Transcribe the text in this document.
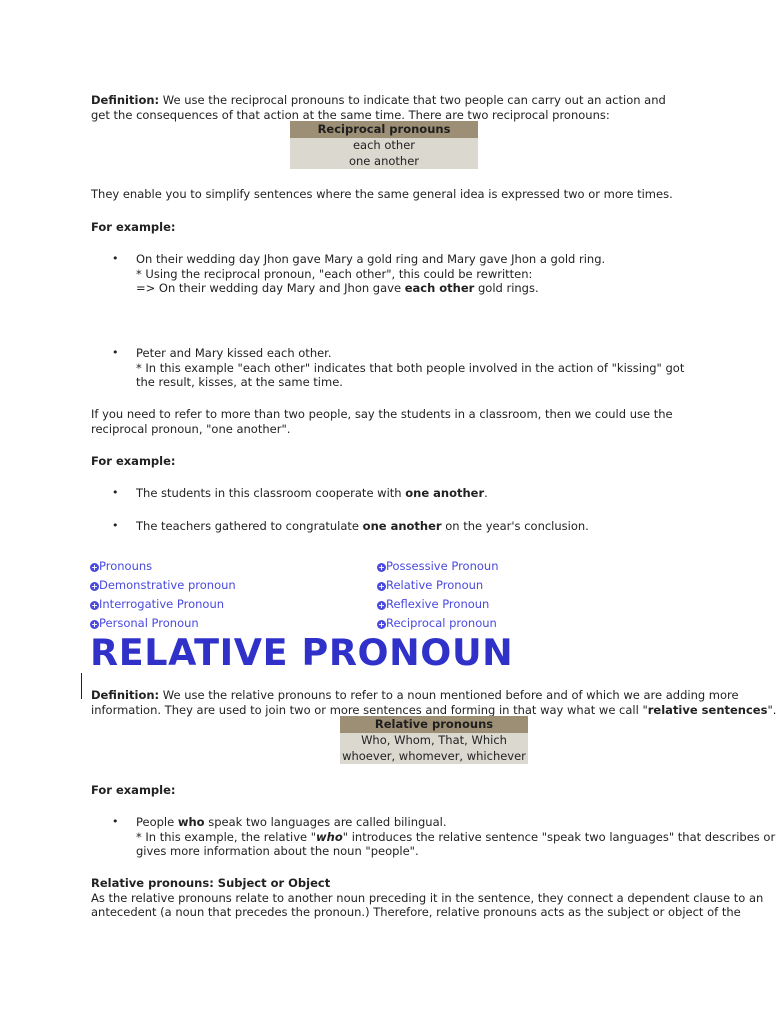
Definition: We use the reciprocal pronouns to indicate that two people can carry out an action and
get the consequences of that action at the same time. There are two reciprocal pronouns:
Reciprocal pronouns
each other
one another
They enable you to simplify sentences where the same general idea is expressed two or more times.
For example:
• On their wedding day Jhon gave Mary a gold ring and Mary gave Jhon a gold ring.
* Using the reciprocal pronoun, "each other", this could be rewritten:
=> On their wedding day Mary and Jhon gave each other gold rings.
• Peter and Mary kissed each other.
* In this example "each other" indicates that both people involved in the action of "kissing" got
the result, kisses, at the same time.
If you need to refer to more than two people, say the students in a classroom, then we could use the
reciprocal pronoun, "one another".
For example:
• The students in this classroom cooperate with one another.
• The teachers gathered to congratulate one another on the year's conclusion.
+Pronouns
+Demonstrative pronoun
+Interrogative Pronoun
+Personal Pronoun
+Possessive Pronoun
+Relative Pronoun
+Reflexive Pronoun
+Reciprocal pronoun
RELATIVE PRONOUN
Definition: We use the relative pronouns to refer to a noun mentioned before and of which we are adding more
information. They are used to join two or more sentences and forming in that way what we call "relative sentences".
Relative pronouns
Who, Whom, That, Which
whoever, whomever, whichever
For example:
• People who speak two languages are called bilingual.
* In this example, the relative "who" introduces the relative sentence "speak two languages" that describes or
gives more information about the noun "people".
Relative pronouns: Subject or Object
As the relative pronouns relate to another noun preceding it in the sentence, they connect a dependent clause to an
antecedent (a noun that precedes the pronoun.) Therefore, relative pronouns acts as the subject or object of the
